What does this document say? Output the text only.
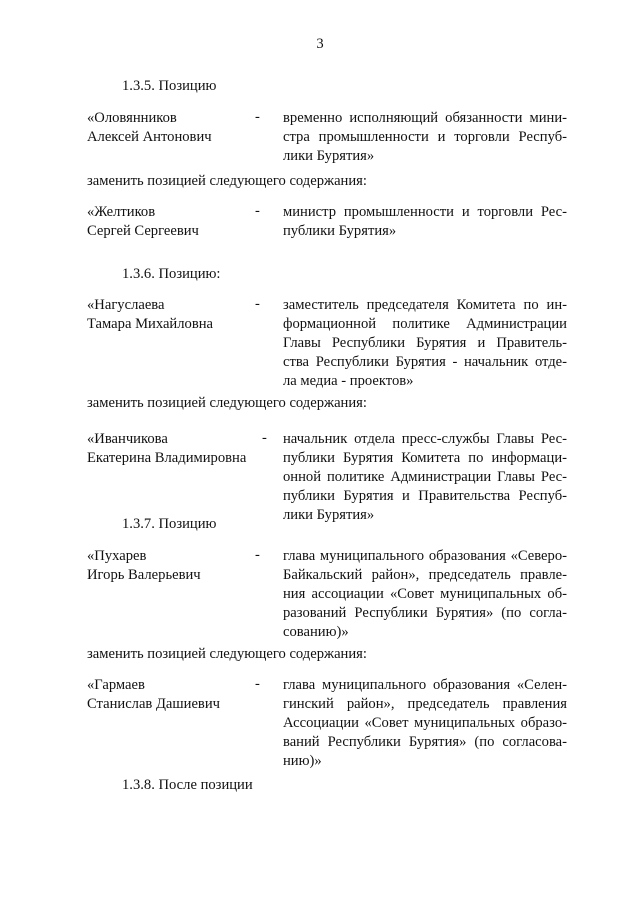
3
1.3.5. Позицию
«Оловянников
Алексей Антонович
- временно исполняющий обязанности мини-
стра промышленности и торговли Респуб-
лики Бурятия»
заменить позицией следующего содержания:
«Желтиков
Сергей Сергеевич
- министр промышленности и торговли Рес-
публики Бурятия»
1.3.6. Позицию:
«Нагуслаева
Тамара Михайловна
- заместитель председателя Комитета по ин-
формационной политике Администрации
Главы Республики Бурятия и Правитель-
ства Республики Бурятия - начальник отде-
ла медиа - проектов»
заменить позицией следующего содержания:
«Иванчикова
Екатерина Владимировна
- начальник отдела пресс-службы Главы Рес-
публики Бурятия Комитета по информаци-
онной политике Администрации Главы Рес-
публики Бурятия и Правительства Респуб-
лики Бурятия»
1.3.7. Позицию
«Пухарев
Игорь Валерьевич
- глава муниципального образования «Северо-
Байкальский район», председатель правле-
ния ассоциации «Совет муниципальных об-
разований Республики Бурятия» (по согла-
сованию)»
заменить позицией следующего содержания:
«Гармаев
Станислав Дашиевич
- глава муниципального образования «Селен-
гинский район», председатель правления
Ассоциации «Совет муниципальных образо-
ваний Республики Бурятия» (по согласова-
нию)»
1.3.8. После позиции
